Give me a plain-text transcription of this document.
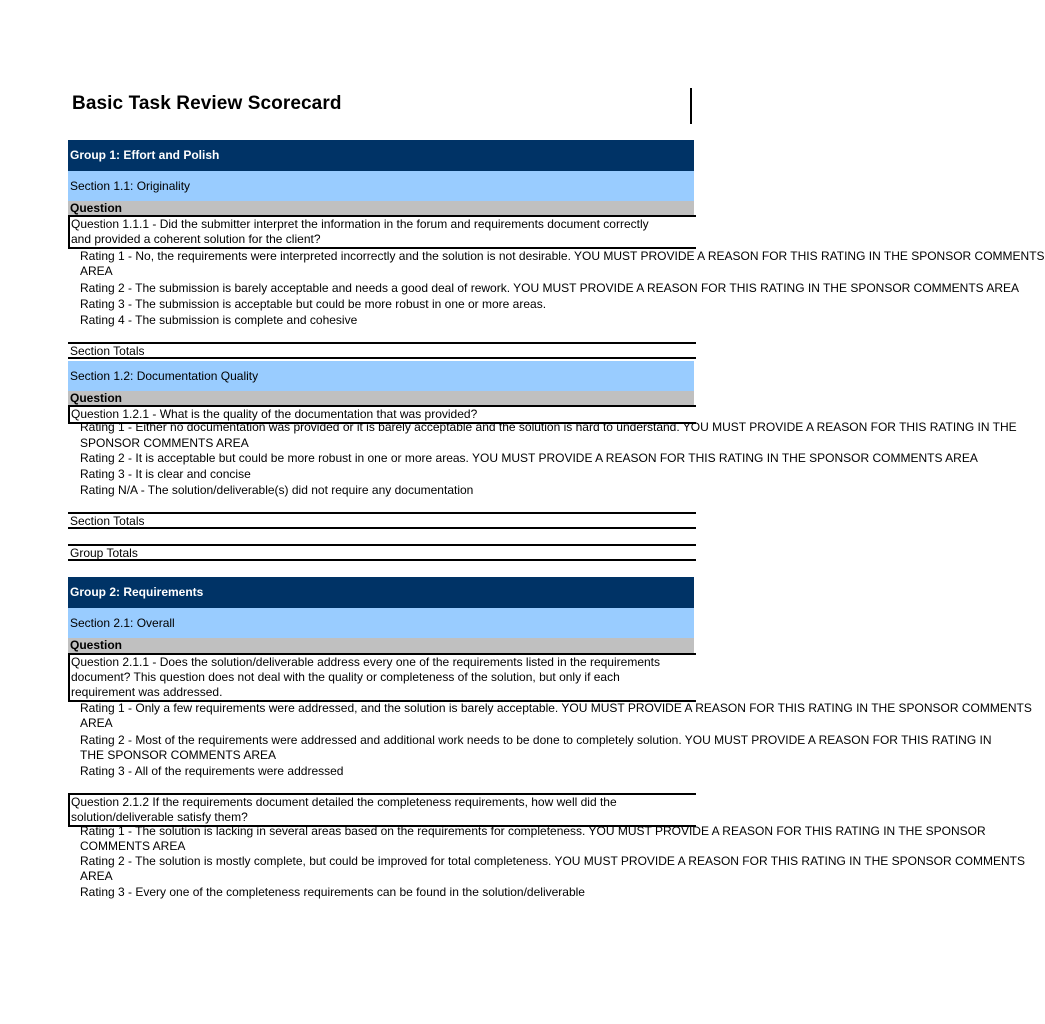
Basic Task Review Scorecard
Group 1: Effort and Polish
Section 1.1: Originality
Question
Question 1.1.1 - Did the submitter interpret the information in the forum and requirements document correctly
and provided a coherent solution for the client?
Rating 1 - No, the requirements were interpreted incorrectly and the solution is not desirable. YOU MUST PROVIDE A REASON FOR THIS RATING IN THE SPONSOR COMMENTS
AREA
Rating 2 - The submission is barely acceptable and needs a good deal of rework. YOU MUST PROVIDE A REASON FOR THIS RATING IN THE SPONSOR COMMENTS AREA
Rating 3 - The submission is acceptable but could be more robust in one or more areas.
Rating 4 - The submission is complete and cohesive
Section Totals
Section 1.2: Documentation Quality
Question
Question 1.2.1 - What is the quality of the documentation that was provided?
Rating 1 - Either no documentation was provided or it is barely acceptable and the solution is hard to understand. YOU MUST PROVIDE A REASON FOR THIS RATING IN THE
SPONSOR COMMENTS AREA
Rating 2 - It is acceptable but could be more robust in one or more areas. YOU MUST PROVIDE A REASON FOR THIS RATING IN THE SPONSOR COMMENTS AREA
Rating 3 - It is clear and concise
Rating N/A - The solution/deliverable(s) did not require any documentation
Section Totals
Group Totals
Group 2: Requirements
Section 2.1: Overall
Question
Question 2.1.1 - Does the solution/deliverable address every one of the requirements listed in the requirements
document? This question does not deal with the quality or completeness of the solution, but only if each
requirement was addressed.
Rating 1 - Only a few requirements were addressed, and the solution is barely acceptable. YOU MUST PROVIDE A REASON FOR THIS RATING IN THE SPONSOR COMMENTS
AREA
Rating 2 - Most of the requirements were addressed and additional work needs to be done to completely solution. YOU MUST PROVIDE A REASON FOR THIS RATING IN
THE SPONSOR COMMENTS AREA
Rating 3 - All of the requirements were addressed
Question 2.1.2 If the requirements document detailed the completeness requirements, how well did the
solution/deliverable satisfy them?
Rating 1 - The solution is lacking in several areas based on the requirements for completeness. YOU MUST PROVIDE A REASON FOR THIS RATING IN THE SPONSOR
COMMENTS AREA
Rating 2 - The solution is mostly complete, but could be improved for total completeness. YOU MUST PROVIDE A REASON FOR THIS RATING IN THE SPONSOR COMMENTS
AREA
Rating 3 - Every one of the completeness requirements can be found in the solution/deliverable
